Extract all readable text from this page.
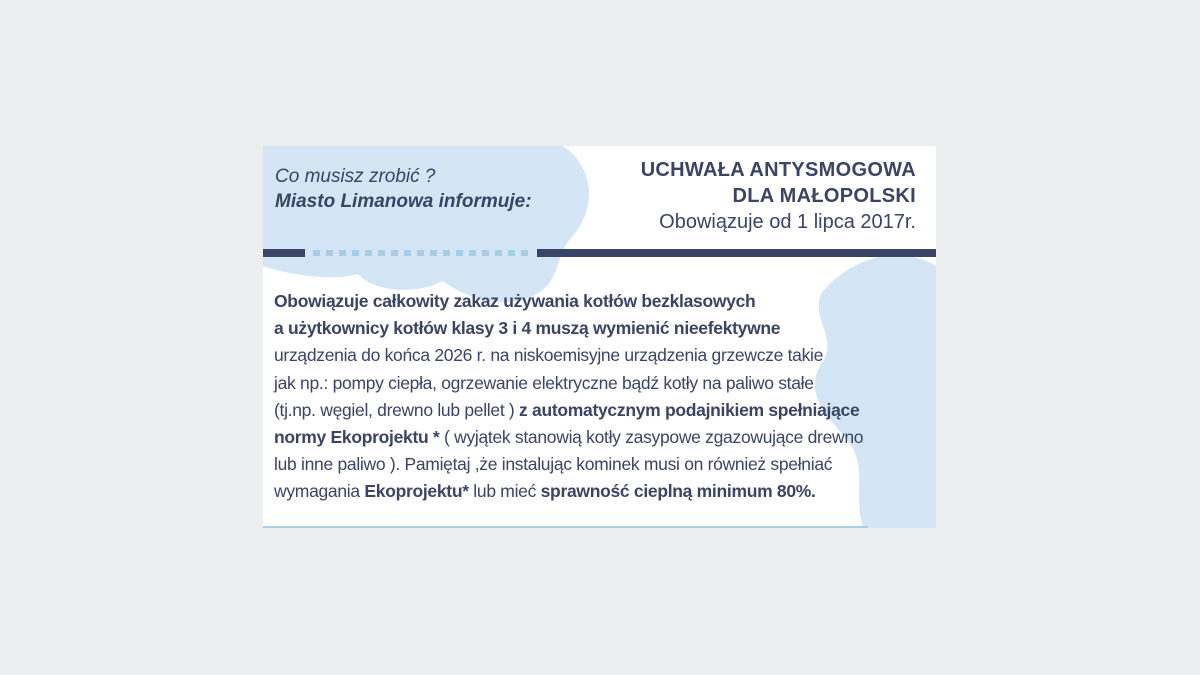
Co musisz zrobić ?
Miasto Limanowa informuje:
UCHWAŁA ANTYSMOGOWA
DLA MAŁOPOLSKI
Obowiązuje od 1 lipca 2017r.
Obowiązuje całkowity zakaz używania kotłów bezklasowych
a użytkownicy kotłów klasy 3 i 4 muszą wymienić nieefektywne
urządzenia do końca 2026 r. na niskoemisyjne urządzenia grzewcze takie
jak np.: pompy ciepła, ogrzewanie elektryczne bądź kotły na paliwo stałe
(tj.np. węgiel, drewno lub pellet ) z automatycznym podajnikiem spełniające
normy Ekoprojektu * ( wyjątek stanowią kotły zasypowe zgazowujące drewno
lub inne paliwo ). Pamiętaj ,że instalując kominek musi on również spełniać
wymagania Ekoprojektu* lub mieć sprawność cieplną minimum 80%.
